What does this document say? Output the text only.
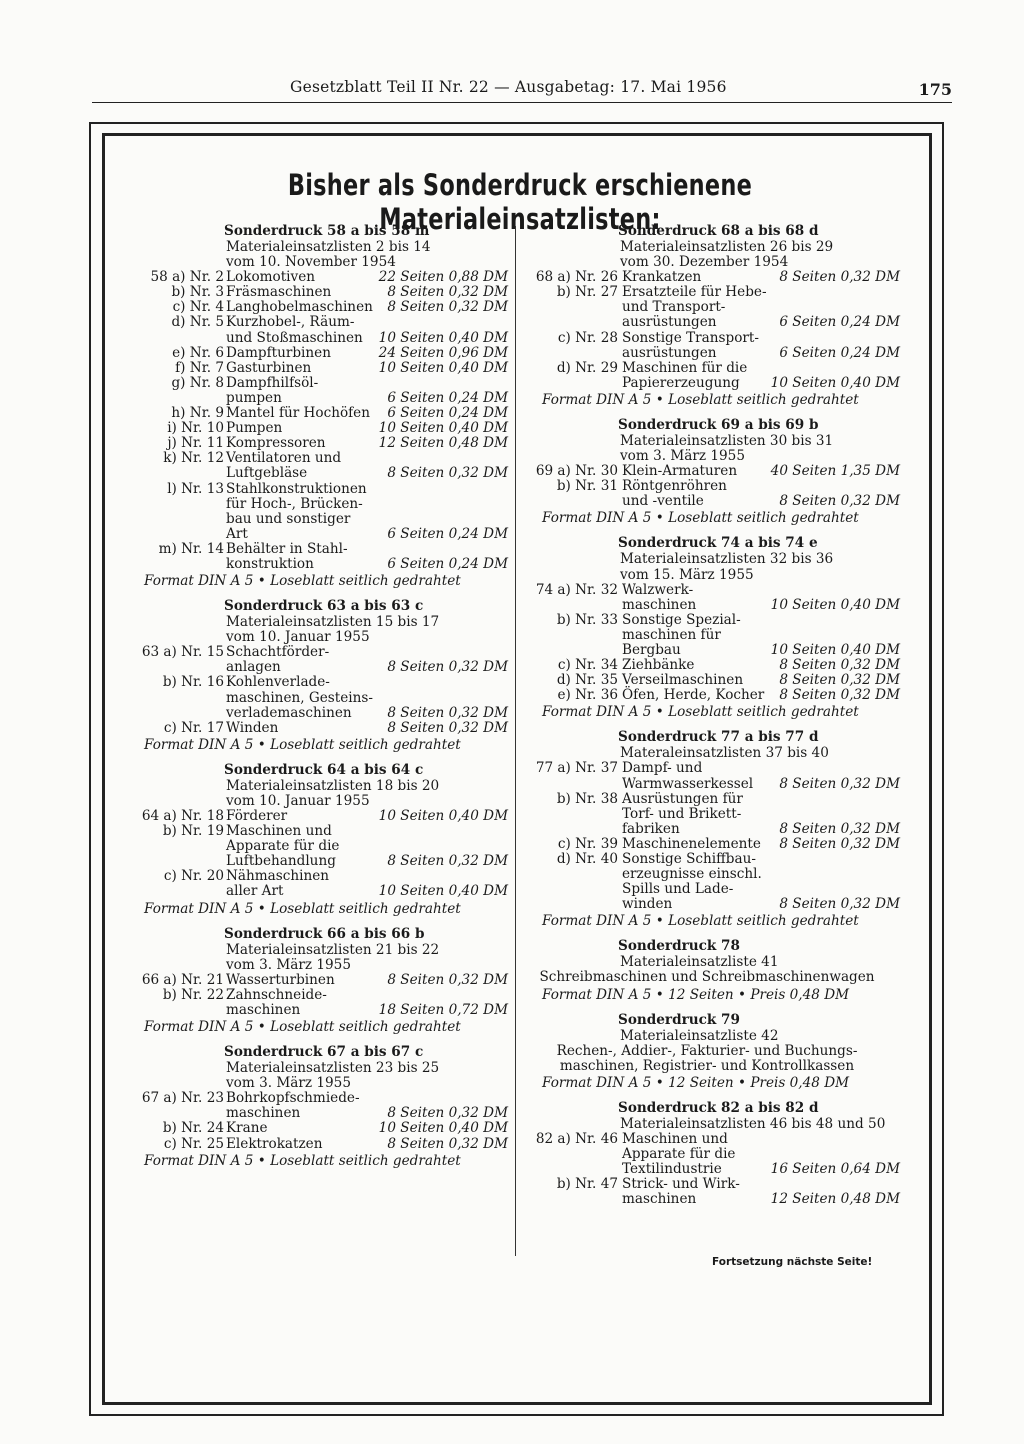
Gesetzblatt Teil II Nr. 22 — Ausgabetag: 17. Mai 1956	175
Bisher als Sonderdruck erschienene Materialeinsatzlisten:
Sonderdruck 58 a bis 58 m
Materialeinsatzlisten 2 bis 14
vom 10. November 1954
58 a) Nr. 2 Lokomotiven	22 Seiten 0,88 DM
b) Nr. 3 Fräsmaschinen	8 Seiten 0,32 DM
c) Nr. 4 Langhobelmaschinen 8 Seiten 0,32 DM
d) Nr. 5 Kurzhobel-, Räum-
und Stoßmaschinen 10 Seiten 0,40 DM
e) Nr. 6 Dampfturbinen	24 Seiten 0,96 DM
f) Nr. 7 Gasturbinen	10 Seiten 0,40 DM
g) Nr. 8 Dampfhilfsöl-
pumpen	6 Seiten 0,24 DM
h) Nr. 9 Mantel für Hochöfen 6 Seiten 0,24 DM
i) Nr. 10 Pumpen	10 Seiten 0,40 DM
j) Nr. 11 Kompressoren	12 Seiten 0,48 DM
k) Nr. 12 Ventilatoren und
Luftgebläse	8 Seiten 0,32 DM
l) Nr. 13 Stahlkonstruktionen
für Hoch-, Brücken-
bau und sonstiger
Art	6 Seiten 0,24 DM
m) Nr. 14 Behälter in Stahl-
konstruktion	6 Seiten 0,24 DM
Format DIN A 5 • Loseblatt seitlich gedrahtet
Sonderdruck 63 a bis 63 c
Materialeinsatzlisten 15 bis 17
vom 10. Januar 1955
63 a) Nr. 15 Schachtförder-
anlagen	8 Seiten 0,32 DM
b) Nr. 16 Kohlenverlade-
maschinen, Gesteins-
verlademaschinen	8 Seiten 0,32 DM
c) Nr. 17 Winden	8 Seiten 0,32 DM
Format DIN A 5 • Loseblatt seitlich gedrahtet
Sonderdruck 64 a bis 64 c
Materialeinsatzlisten 18 bis 20
vom 10. Januar 1955
64 a) Nr. 18 Förderer	10 Seiten 0,40 DM
b) Nr. 19 Maschinen und
Apparate für die
Luftbehandlung	8 Seiten 0,32 DM
c) Nr. 20 Nähmaschinen
aller Art	10 Seiten 0,40 DM
Format DIN A 5 • Loseblatt seitlich gedrahtet
Sonderdruck 66 a bis 66 b
Materialeinsatzlisten 21 bis 22
vom 3. März 1955
66 a) Nr. 21 Wasserturbinen	8 Seiten 0,32 DM
b) Nr. 22 Zahnschneide-
maschinen	18 Seiten 0,72 DM
Format DIN A 5 • Loseblatt seitlich gedrahtet
Sonderdruck 67 a bis 67 c
Materialeinsatzlisten 23 bis 25
vom 3. März 1955
67 a) Nr. 23 Bohrkopfschmiede-
maschinen	8 Seiten 0,32 DM
b) Nr. 24 Krane	10 Seiten 0,40 DM
c) Nr. 25 Elektrokatzen	8 Seiten 0,32 DM
Format DIN A 5 • Loseblatt seitlich gedrahtet
Sonderdruck 68 a bis 68 d
Materialeinsatzlisten 26 bis 29
vom 30. Dezember 1954
68 a) Nr. 26 Krankatzen	8 Seiten 0,32 DM
b) Nr. 27 Ersatzteile für Hebe-
und Transport-
ausrüstungen	6 Seiten 0,24 DM
c) Nr. 28 Sonstige Transport-
ausrüstungen	6 Seiten 0,24 DM
d) Nr. 29 Maschinen für die
Papiererzeugung 10 Seiten 0,40 DM
Format DIN A 5 • Loseblatt seitlich gedrahtet
Sonderdruck 69 a bis 69 b
Materialeinsatzlisten 30 bis 31
vom 3. März 1955
69 a) Nr. 30 Klein-Armaturen 40 Seiten 1,35 DM
b) Nr. 31 Röntgenröhren
und -ventile	8 Seiten 0,32 DM
Format DIN A 5 • Loseblatt seitlich gedrahtet
Sonderdruck 74 a bis 74 e
Materialeinsatzlisten 32 bis 36
vom 15. März 1955
74 a) Nr. 32 Walzwerk-
maschinen	10 Seiten 0,40 DM
b) Nr. 33 Sonstige Spezial-
maschinen für
Bergbau	10 Seiten 0,40 DM
c) Nr. 34 Ziehbänke	8 Seiten 0,32 DM
d) Nr. 35 Verseilmaschinen	8 Seiten 0,32 DM
e) Nr. 36 Öfen, Herde, Kocher 8 Seiten 0,32 DM
Format DIN A 5 • Loseblatt seitlich gedrahtet
Sonderdruck 77 a bis 77 d
Materaleinsatzlisten 37 bis 40
77 a) Nr. 37 Dampf- und
Warmwasserkessel 8 Seiten 0,32 DM
b) Nr. 38 Ausrüstungen für
Torf- und Brikett-
fabriken	8 Seiten 0,32 DM
c) Nr. 39 Maschinenelemente 8 Seiten 0,32 DM
d) Nr. 40 Sonstige Schiffbau-
erzeugnisse einschl.
Spills und Lade-
winden	8 Seiten 0,32 DM
Format DIN A 5 • Loseblatt seitlich gedrahtet
Sonderdruck 78
Materialeinsatzliste 41
Schreibmaschinen und Schreibmaschinenwagen
Format DIN A 5 • 12 Seiten • Preis 0,48 DM
Sonderdruck 79
Materialeinsatzliste 42
Rechen-, Addier-, Fakturier- und Buchungs-
maschinen, Registrier- und Kontrollkassen
Format DIN A 5 • 12 Seiten • Preis 0,48 DM
Sonderdruck 82 a bis 82 d
Materialeinsatzlisten 46 bis 48 und 50
82 a) Nr. 46 Maschinen und
Apparate für die
Textilindustrie	16 Seiten 0,64 DM
b) Nr. 47 Strick- und Wirk-
maschinen	12 Seiten 0,48 DM
Fortsetzung nächste Seite!
